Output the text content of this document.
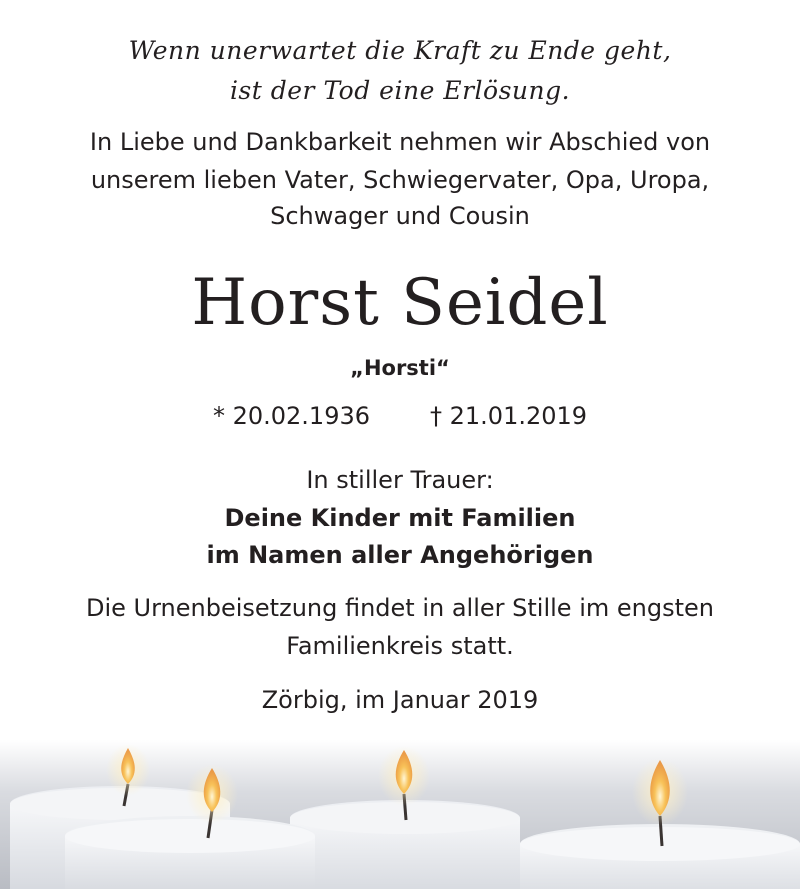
Wenn unerwartet die Kraft zu Ende geht,
ist der Tod eine Erlösung.
In Liebe und Dankbarkeit nehmen wir Abschied von
unserem lieben Vater, Schwiegervater, Opa, Uropa,
Schwager und Cousin
Horst Seidel
„Horsti“
* 20.02.1936	† 21.01.2019
In stiller Trauer:
Deine Kinder mit Familien
im Namen aller Angehörigen
Die Urnenbeisetzung findet in aller Stille im engsten
Familienkreis statt.
Zörbig, im Januar 2019
